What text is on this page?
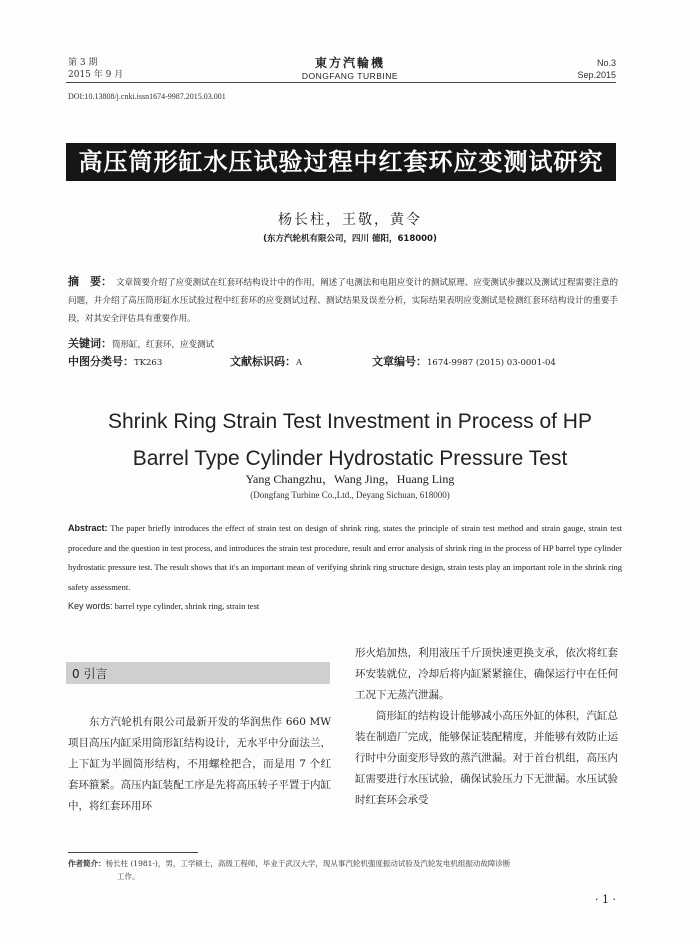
第 3 期
2015 年 9 月
東方汽輪機
DONGFANG TURBINE
No.3
Sep.2015
DOI:10.13808/j.cnki.issn1674-9987.2015.03.001
高压筒形缸水压试验过程中红套环应变测试研究
杨长柱，王敬，黄令
(东方汽轮机有限公司，四川 德阳，618000)
摘　要： 文章简要介绍了应变测试在红套环结构设计中的作用，阐述了电测法和电阻应变计的测试原理、应变测试步骤以及测试过程需要注意的问题，并介绍了高压筒形缸水压试验过程中红套环的应变测试过程、测试结果及误差分析，实际结果表明应变测试是检测红套环结构设计的重要手段，对其安全评估具有重要作用。
关键词：筒形缸，红套环，应变测试
中图分类号：TK263	文献标识码：A	文章编号：1674-9987 (2015) 03-0001-04
Shrink Ring Strain Test Investment in Process of HP
Barrel Type Cylinder Hydrostatic Pressure Test
Yang Changzhu，Wang Jing，Huang Ling
(Dongfang Turbine Co.,Ltd., Deyang Sichuan, 618000)
Abstract: The paper briefly introduces the effect of strain test on design of shrink ring, states the principle of strain test method and strain gauge, strain test procedure and the question in test process, and introduces the strain test procedure, result and error analysis of shrink ring in the process of HP barrel type cylinder hydrostatic pressure test. The result shows that it's an important mean of verifying shrink ring structure design, strain tests play an important role in the shrink ring safety assessment.
Key words: barrel type cylinder, shrink ring, strain test
0 引言

东方汽轮机有限公司最新开发的华润焦作 660 MW 项目高压内缸采用筒形缸结构设计，无水平中分面法兰，上下缸为半圆筒形结构，不用螺栓把合，而是用 7 个红套环箍紧。高压内缸装配工序是先将高压转子平置于内缸中，将红套环用环

形火焰加热，利用液压千斤顶快速更换支承，依次将红套环安装就位，冷却后将内缸紧紧箍住，确保运行中在任何工况下无蒸汽泄漏。

筒形缸的结构设计能够减小高压外缸的体积，汽缸总装在制造厂完成，能够保证装配精度，并能够有效防止运行时中分面变形导致的蒸汽泄漏。对于首台机组，高压内缸需要进行水压试验，确保试验压力下无泄漏。水压试验时红套环会承受

作者简介：杨长柱 (1981-)，男，工学硕士，高级工程师，毕业于武汉大学，现从事汽轮机强度振动试验及汽轮发电机组振动故障诊断
工作。
· 1 ·
